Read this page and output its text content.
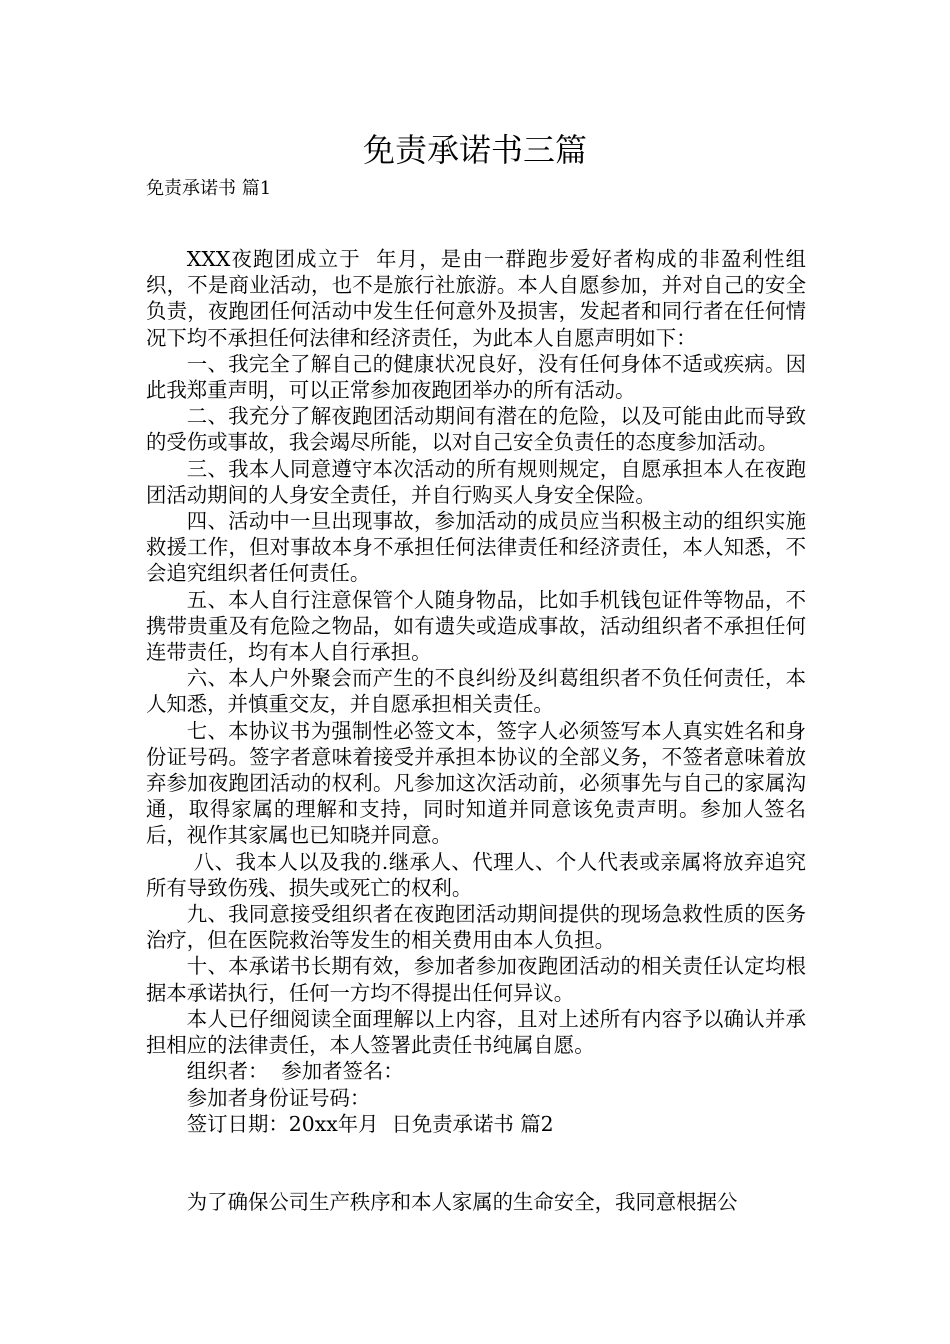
免责承诺书三篇
免责承诺书 篇1

XXX夜跑团成立于  年月，是由一群跑步爱好者构成的非盈利性组织，不是商业活动，也不是旅行社旅游。本人自愿参加，并对自己的安全负责，夜跑团任何活动中发生任何意外及损害，发起者和同行者在任何情况下均不承担任何法律和经济责任，为此本人自愿声明如下：

一、我完全了解自己的健康状况良好，没有任何身体不适或疾病。因此我郑重声明，可以正常参加夜跑团举办的所有活动。

二、我充分了解夜跑团活动期间有潜在的危险，以及可能由此而导致的受伤或事故，我会竭尽所能，以对自己安全负责任的态度参加活动。

三、我本人同意遵守本次活动的所有规则规定，自愿承担本人在夜跑团活动期间的人身安全责任，并自行购买人身安全保险。

四、活动中一旦出现事故，参加活动的成员应当积极主动的组织实施救援工作，但对事故本身不承担任何法律责任和经济责任，本人知悉，不会追究组织者任何责任。

五、本人自行注意保管个人随身物品，比如手机钱包证件等物品，不携带贵重及有危险之物品，如有遗失或造成事故，活动组织者不承担任何连带责任，均有本人自行承担。

六、本人户外聚会而产生的不良纠纷及纠葛组织者不负任何责任，本人知悉，并慎重交友，并自愿承担相关责任。

七、本协议书为强制性必签文本，签字人必须签写本人真实姓名和身份证号码。签字者意味着接受并承担本协议的全部义务，不签者意味着放弃参加夜跑团活动的权利。凡参加这次活动前，必须事先与自己的家属沟通，取得家属的理解和支持，同时知道并同意该免责声明。参加人签名后，视作其家属也已知晓并同意。

八、我本人以及我的.继承人、代理人、个人代表或亲属将放弃追究所有导致伤残、损失或死亡的权利。

九、我同意接受组织者在夜跑团活动期间提供的现场急救性质的医务治疗，但在医院救治等发生的相关费用由本人负担。

十、本承诺书长期有效，参加者参加夜跑团活动的相关责任认定均根据本承诺执行，任何一方均不得提出任何异议。

本人已仔细阅读全面理解以上内容，且对上述所有内容予以确认并承担相应的法律责任，本人签署此责任书纯属自愿。

组织者：  参加者签名：

参加者身份证号码：

签订日期：20xx年月  日免责承诺书 篇2

为了确保公司生产秩序和本人家属的生命安全，我同意根据公
